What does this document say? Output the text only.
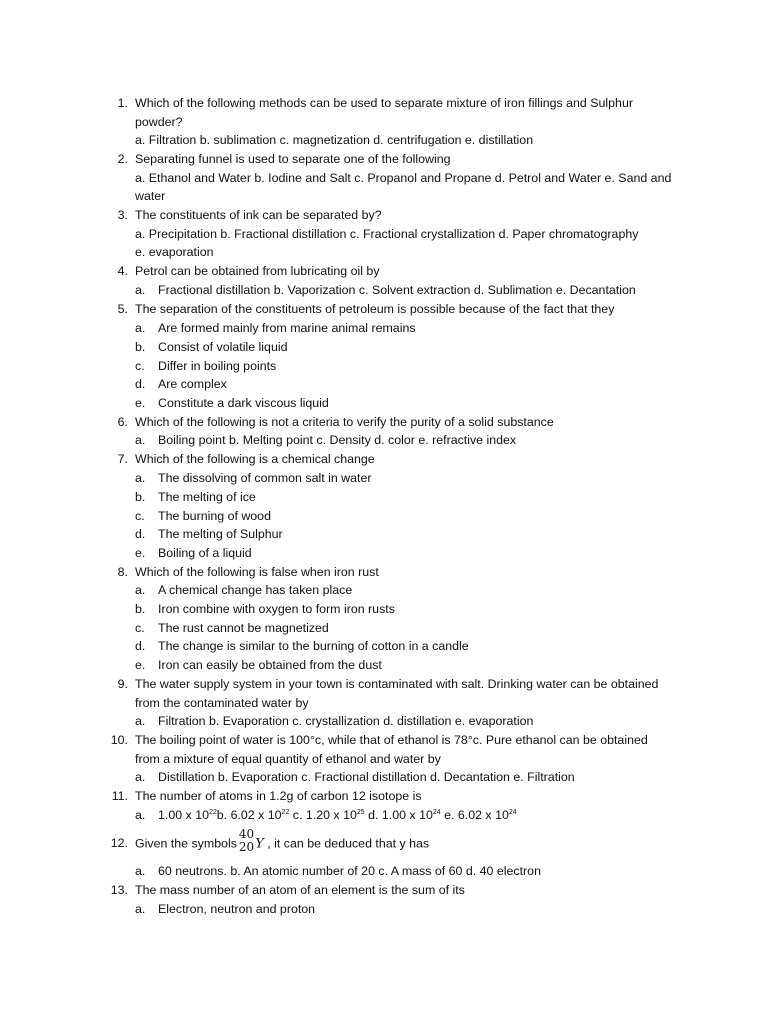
1. Which of the following methods can be used to separate mixture of iron fillings and Sulphur
powder?
a. Filtration b. sublimation c. magnetization d. centrifugation e. distillation
2. Separating funnel is used to separate one of the following
a. Ethanol and Water b. Iodine and Salt c. Propanol and Propane d. Petrol and Water e. Sand and
water
3. The constituents of ink can be separated by?
a. Precipitation b. Fractional distillation c. Fractional crystallization d. Paper chromatography
e. evaporation
4. Petrol can be obtained from lubricating oil by
a.	Fractional distillation b. Vaporization c. Solvent extraction d. Sublimation e. Decantation
5. The separation of the constituents of petroleum is possible because of the fact that they
a.	Are formed mainly from marine animal remains
b.	Consist of volatile liquid
c.	Differ in boiling points
d.	Are complex
e.	Constitute a dark viscous liquid
6. Which of the following is not a criteria to verify the purity of a solid substance
a.	Boiling point b. Melting point c. Density d. color e. refractive index
7. Which of the following is a chemical change
a.	The dissolving of common salt in water
b.	The melting of ice
c.	The burning of wood
d.	The melting of Sulphur
e.	Boiling of a liquid
8. Which of the following is false when iron rust
a.	A chemical change has taken place
b.	Iron combine with oxygen to form iron rusts
c.	The rust cannot be magnetized
d.	The change is similar to the burning of cotton in a candle
e.	Iron can easily be obtained from the dust
9. The water supply system in your town is contaminated with salt. Drinking water can be obtained
from the contaminated water by
a.	Filtration b. Evaporation c. crystallization d. distillation e. evaporation
10. The boiling point of water is 100°c, while that of ethanol is 78°c. Pure ethanol can be obtained
from a mixture of equal quantity of ethanol and water by
a.	Distillation b. Evaporation c. Fractional distillation d. Decantation e. Filtration
11. The number of atoms in 1.2g of carbon 12 isotope is
a.	1.00 x $10^{22}b$. 6.02 x $10^{22}$ c. 1.20 x $10^{25}$ d. 1.00 x $10^{24}$ e. 6.02 x $10^{24}$
12. Given the symbols
40
20 Y , it can be deduced that y has
a.	60 neutrons. b. An atomic number of 20 c. A mass of 60 d. 40 electron
13. The mass number of an atom of an element is the sum of its
a.	Electron, neutron and proton
